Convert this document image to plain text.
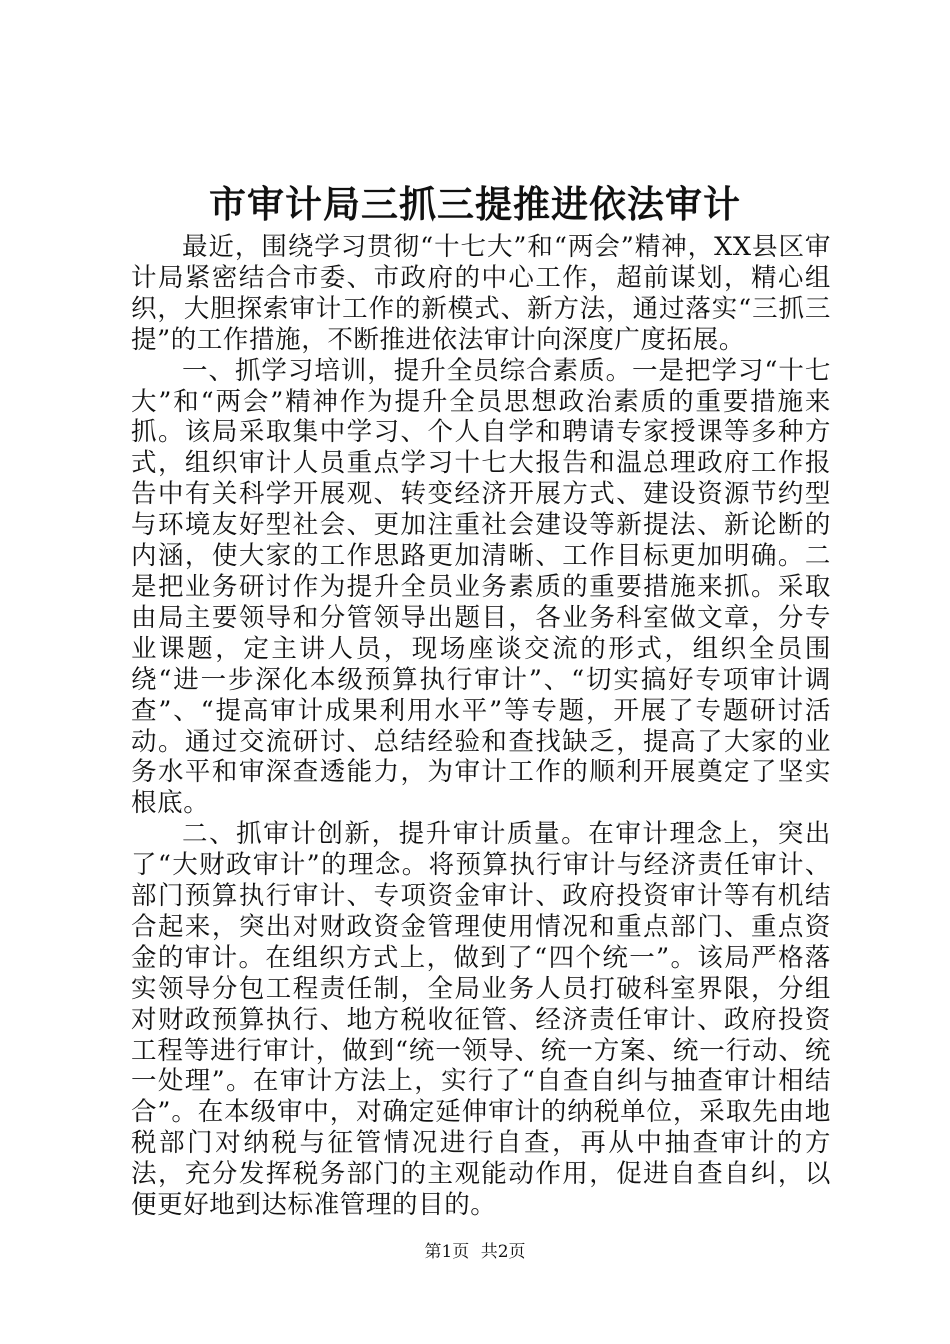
市审计局三抓三提推进依法审计

最近，围绕学习贯彻“十七大”和“两会”精神，XX县区审计局紧密结合市委、市政府的中心工作，超前谋划，精心组织，大胆探索审计工作的新模式、新方法，通过落实“三抓三提”的工作措施，不断推进依法审计向深度广度拓展。

一、抓学习培训，提升全员综合素质。一是把学习“十七大”和“两会”精神作为提升全员思想政治素质的重要措施来抓。该局采取集中学习、个人自学和聘请专家授课等多种方式，组织审计人员重点学习十七大报告和温总理政府工作报告中有关科学开展观、转变经济开展方式、建设资源节约型与环境友好型社会、更加注重社会建设等新提法、新论断的内涵，使大家的工作思路更加清晰、工作目标更加明确。二是把业务研讨作为提升全员业务素质的重要措施来抓。采取由局主要领导和分管领导出题目，各业务科室做文章，分专业课题，定主讲人员，现场座谈交流的形式，组织全员围绕“进一步深化本级预算执行审计”、“切实搞好专项审计调查”、“提高审计成果利用水平”等专题，开展了专题研讨活动。通过交流研讨、总结经验和查找缺乏，提高了大家的业务水平和审深查透能力，为审计工作的顺利开展奠定了坚实根底。

二、抓审计创新，提升审计质量。在审计理念上，突出了“大财政审计”的理念。将预算执行审计与经济责任审计、部门预算执行审计、专项资金审计、政府投资审计等有机结合起来，突出对财政资金管理使用情况和重点部门、重点资金的审计。在组织方式上，做到了“四个统一”。该局严格落实领导分包工程责任制，全局业务人员打破科室界限，分组对财政预算执行、地方税收征管、经济责任审计、政府投资工程等进行审计，做到“统一领导、统一方案、统一行动、统一处理”。在审计方法上，实行了“自查自纠与抽查审计相结合”。在本级审中，对确定延伸审计的纳税单位，采取先由地税部门对纳税与征管情况进行自查，再从中抽查审计的方法，充分发挥税务部门的主观能动作用，促进自查自纠，以便更好地到达标准管理的目的。

第1页 共2页
